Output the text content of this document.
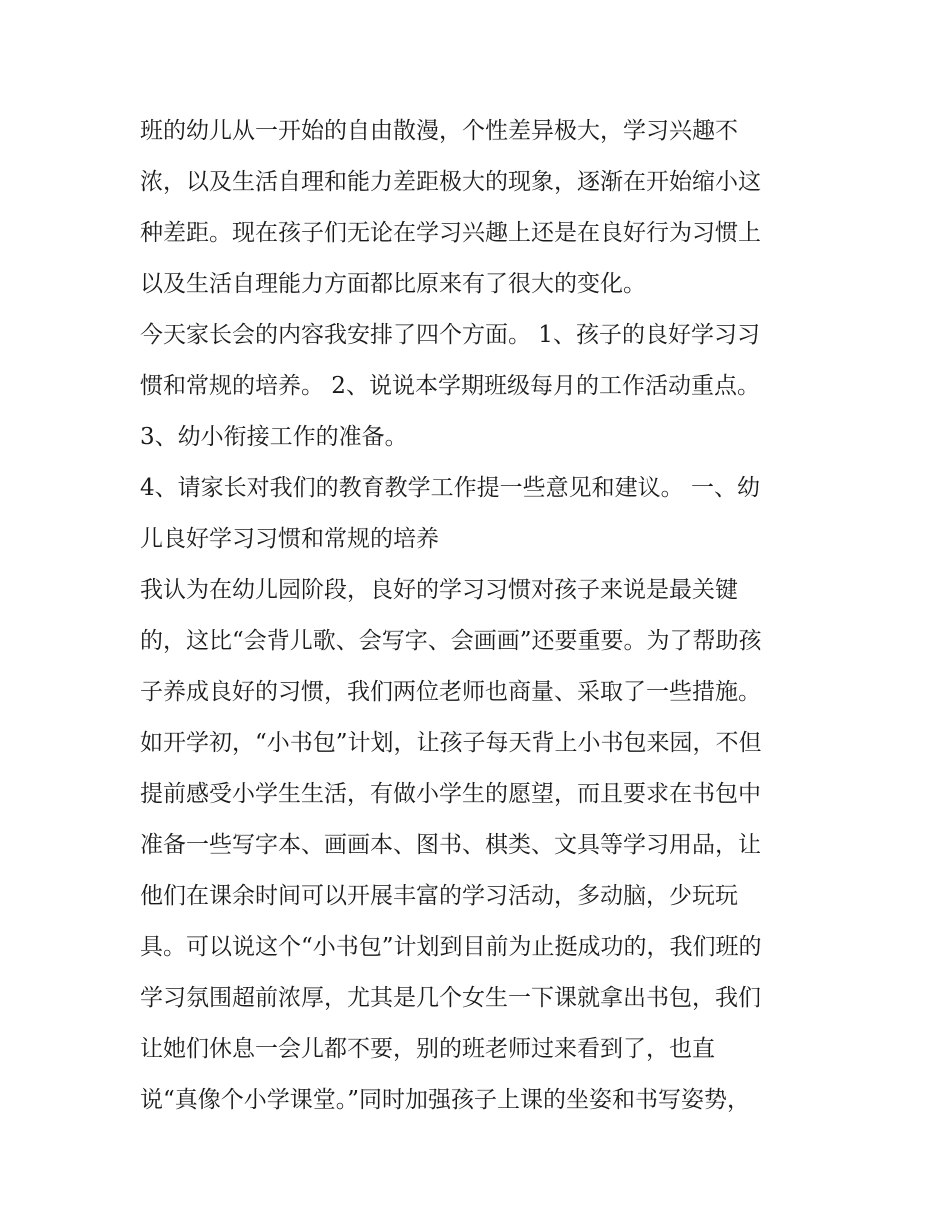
班的幼儿从一开始的自由散漫，个性差异极大，学习兴趣不
浓，以及生活自理和能力差距极大的现象，逐渐在开始缩小这
种差距。现在孩子们无论在学习兴趣上还是在良好行为习惯上
以及生活自理能力方面都比原来有了很大的变化。
今天家长会的内容我安排了四个方面。 1、孩子的良好学习习
惯和常规的培养。 2、说说本学期班级每月的工作活动重点。
3、幼小衔接工作的准备。
4、请家长对我们的教育教学工作提一些意见和建议。 一、幼
儿良好学习习惯和常规的培养
我认为在幼儿园阶段，良好的学习习惯对孩子来说是最关键
的，这比“会背儿歌、会写字、会画画”还要重要。为了帮助孩
子养成良好的习惯，我们两位老师也商量、采取了一些措施。
如开学初，“小书包”计划，让孩子每天背上小书包来园，不但
提前感受小学生生活，有做小学生的愿望，而且要求在书包中
准备一些写字本、画画本、图书、棋类、文具等学习用品，让
他们在课余时间可以开展丰富的学习活动，多动脑，少玩玩
具。可以说这个“小书包”计划到目前为止挺成功的，我们班的
学习氛围超前浓厚，尤其是几个女生一下课就拿出书包，我们
让她们休息一会儿都不要，别的班老师过来看到了，也直
说“真像个小学课堂。”同时加强孩子上课的坐姿和书写姿势，
